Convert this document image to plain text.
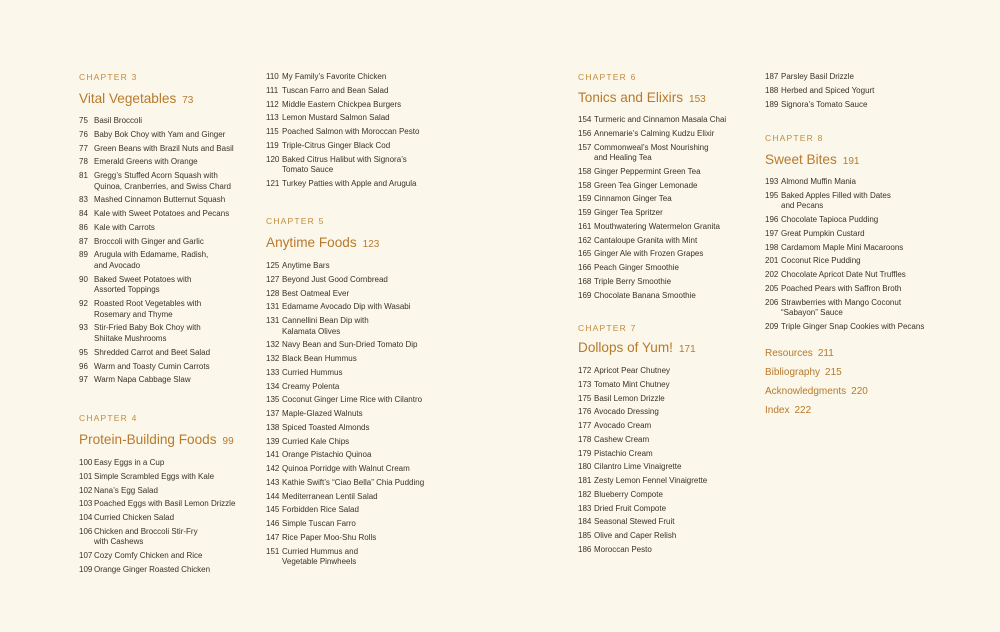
CHAPTER 3
Vital Vegetables 73
75 Basil Broccoli
76 Baby Bok Choy with Yam and Ginger
77 Green Beans with Brazil Nuts and Basil
78 Emerald Greens with Orange
81 Gregg’s Stuffed Acorn Squash with
Quinoa, Cranberries, and Swiss Chard
83 Mashed Cinnamon Butternut Squash
84 Kale with Sweet Potatoes and Pecans
86 Kale with Carrots
87 Broccoli with Ginger and Garlic
89 Arugula with Edamame, Radish,
and Avocado
90 Baked Sweet Potatoes with
Assorted Toppings
92 Roasted Root Vegetables with
Rosemary and Thyme
93 Stir-Fried Baby Bok Choy with
Shiitake Mushrooms
95 Shredded Carrot and Beet Salad
96 Warm and Toasty Cumin Carrots
97 Warm Napa Cabbage Slaw
CHAPTER 4
Protein-Building Foods 99
100 Easy Eggs in a Cup
101 Simple Scrambled Eggs with Kale
102 Nana’s Egg Salad
103 Poached Eggs with Basil Lemon Drizzle
104 Curried Chicken Salad
106 Chicken and Broccoli Stir-Fry
with Cashews
107 Cozy Comfy Chicken and Rice
109 Orange Ginger Roasted Chicken
110 My Family’s Favorite Chicken
111 Tuscan Farro and Bean Salad
112 Middle Eastern Chickpea Burgers
113 Lemon Mustard Salmon Salad
115 Poached Salmon with Moroccan Pesto
119 Triple-Citrus Ginger Black Cod
120 Baked Citrus Halibut with Signora’s
Tomato Sauce
121 Turkey Patties with Apple and Arugula
CHAPTER 5
Anytime Foods 123
125 Anytime Bars
127 Beyond Just Good Cornbread
128 Best Oatmeal Ever
131 Edamame Avocado Dip with Wasabi
131 Cannellini Bean Dip with
Kalamata Olives
132 Navy Bean and Sun-Dried Tomato Dip
132 Black Bean Hummus
133 Curried Hummus
134 Creamy Polenta
135 Coconut Ginger Lime Rice with Cilantro
137 Maple-Glazed Walnuts
138 Spiced Toasted Almonds
139 Curried Kale Chips
141 Orange Pistachio Quinoa
142 Quinoa Porridge with Walnut Cream
143 Kathie Swift’s “Ciao Bella” Chia Pudding
144 Mediterranean Lentil Salad
145 Forbidden Rice Salad
146 Simple Tuscan Farro
147 Rice Paper Moo-Shu Rolls
151 Curried Hummus and
Vegetable Pinwheels
CHAPTER 6
Tonics and Elixirs 153
154 Turmeric and Cinnamon Masala Chai
156 Annemarie’s Calming Kudzu Elixir
157 Commonweal’s Most Nourishing
and Healing Tea
158 Ginger Peppermint Green Tea
158 Green Tea Ginger Lemonade
159 Cinnamon Ginger Tea
159 Ginger Tea Spritzer
161 Mouthwatering Watermelon Granita
162 Cantaloupe Granita with Mint
165 Ginger Ale with Frozen Grapes
166 Peach Ginger Smoothie
168 Triple Berry Smoothie
169 Chocolate Banana Smoothie
CHAPTER 7
Dollops of Yum! 171
172 Apricot Pear Chutney
173 Tomato Mint Chutney
175 Basil Lemon Drizzle
176 Avocado Dressing
177 Avocado Cream
178 Cashew Cream
179 Pistachio Cream
180 Cilantro Lime Vinaigrette
181 Zesty Lemon Fennel Vinaigrette
182 Blueberry Compote
183 Dried Fruit Compote
184 Seasonal Stewed Fruit
185 Olive and Caper Relish
186 Moroccan Pesto
187 Parsley Basil Drizzle
188 Herbed and Spiced Yogurt
189 Signora’s Tomato Sauce
CHAPTER 8
Sweet Bites 191
193 Almond Muffin Mania
195 Baked Apples Filled with Dates
and Pecans
196 Chocolate Tapioca Pudding
197 Great Pumpkin Custard
198 Cardamom Maple Mini Macaroons
201 Coconut Rice Pudding
202 Chocolate Apricot Date Nut Truffles
205 Poached Pears with Saffron Broth
206 Strawberries with Mango Coconut
“Sabayon” Sauce
209 Triple Ginger Snap Cookies with Pecans
Resources 211
Bibliography 215
Acknowledgments 220
Index 222
